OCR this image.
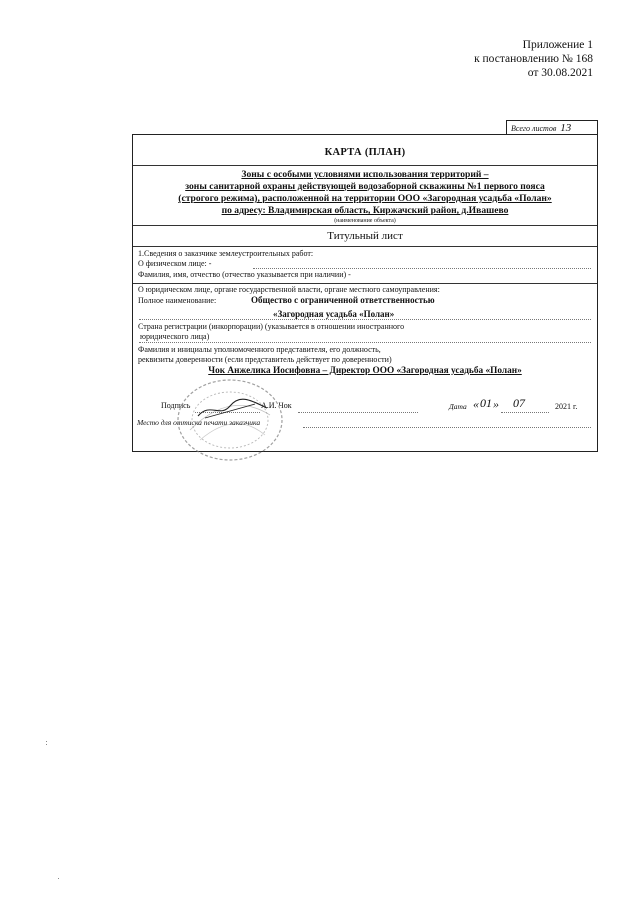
Приложение 1
к постановлению № 168
от 30.08.2021
Всего листов 13
КАРТА (ПЛАН)
Зоны с особыми условиями использования территорий –
зоны санитарной охраны действующей водозаборной скважины №1 первого пояса
(строгого режима), расположенной на территории ООО «Загородная усадьба «Полан»
по адресу: Владимирская область, Киржачский район, д.Ивашево
(наименование объекта)
Титульный лист
1.Сведения о заказчике землеустроительных работ:
О физическом лице: -
Фамилия, имя, отчество (отчество указывается при наличии) -
О юридическом лице, органе государственной власти, органе местного самоуправления:
Полное наименование:	Общество с ограниченной ответственностью
«Загородная усадьба «Полан»
Страна регистрации (инкорпорации) (указывается в отношении иностранного
юридического лица)
Фамилия и инициалы уполномоченного представителя, его должность,
реквизиты доверенности (если представитель действует по доверенности)
Чок Анжелика Иосифовна – Директор ООО «Загородная усадьба «Полан»
Подпись	А.И. Чок	Дата « 01 » 07	2021 г.
Место для оттиска печати заказчика
